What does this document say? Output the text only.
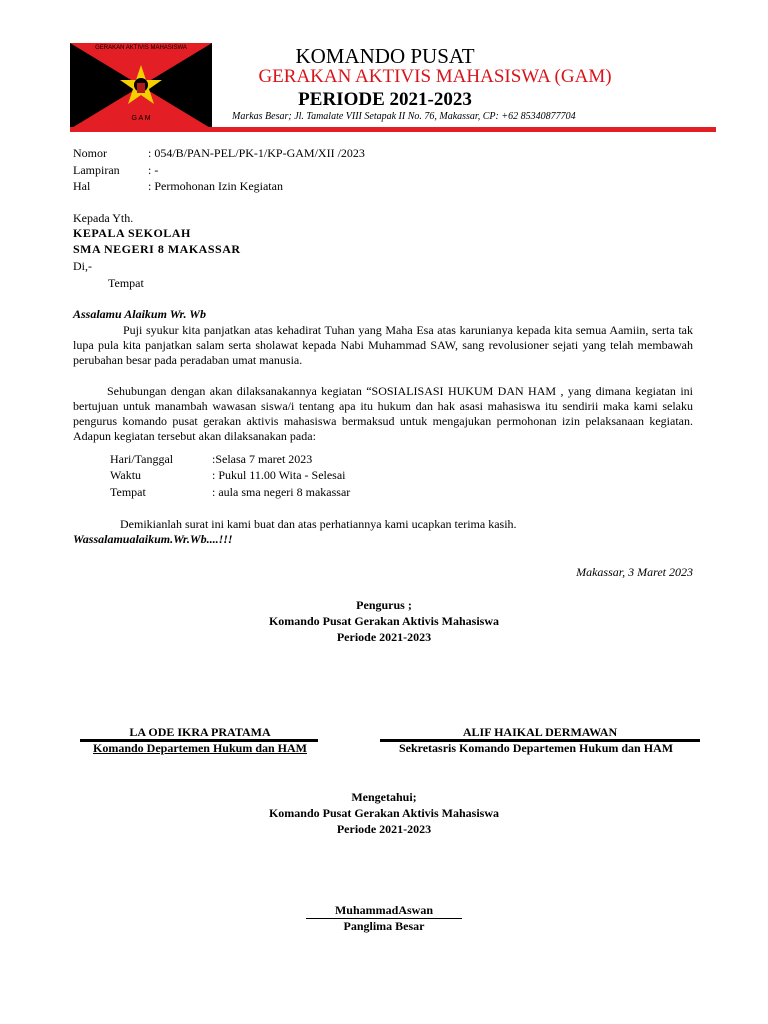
GERAKAN AKTIVIS MAHASISWA
G A M
KOMANDO PUSAT
GERAKAN AKTIVIS MAHASISWA (GAM)
PERIODE 2021-2023
Markas Besar; Jl. Tamalate VIII Setapak II No. 76, Makassar, CP: +62 85340877704
Nomor	: 054/B/PAN-PEL/PK-1/KP-GAM/XII /2023
Lampiran : -
Hal	: Permohonan Izin Kegiatan
Kepada Yth.
KEPALA SEKOLAH
SMA NEGERI 8 MAKASSAR
Di,-
Tempat
Assalamu Alaikum Wr. Wb
Puji syukur kita panjatkan atas kehadirat Tuhan yang Maha Esa atas karunianya kepada kita semua Aamiin, serta tak lupa pula kita panjatkan salam serta sholawat kepada Nabi Muhammad SAW, sang revolusioner sejati yang telah membawah perubahan besar pada peradaban umat manusia.
Sehubungan dengan akan dilaksanakannya kegiatan “SOSIALISASI HUKUM DAN HAM , yang dimana kegiatan ini bertujuan untuk manambah wawasan siswa/i tentang apa itu hukum dan hak asasi mahasiswa itu sendirii maka kami selaku pengurus komando pusat gerakan aktivis mahasiswa bermaksud untuk mengajukan permohonan izin pelaksanaan kegiatan. Adapun kegiatan tersebut akan dilaksanakan pada:
Hari/Tanggal	:Selasa 7 maret 2023
Waktu	: Pukul 11.00 Wita - Selesai
Tempat	: aula sma negeri 8 makassar
Demikianlah surat ini kami buat dan atas perhatiannya kami ucapkan terima kasih.
Wassalamualaikum.Wr.Wb....!!!
Makassar, 3 Maret 2023
Pengurus ;
Komando Pusat Gerakan Aktivis Mahasiswa
Periode 2021-2023
LA ODE IKRA PRATAMA
Komando Departemen Hukum dan HAM
ALIF HAIKAL DERMAWAN
Sekretasris Komando Departemen Hukum dan HAM
Mengetahui;
Komando Pusat Gerakan Aktivis Mahasiswa
Periode 2021-2023
MuhammadAswan
Panglima Besar
